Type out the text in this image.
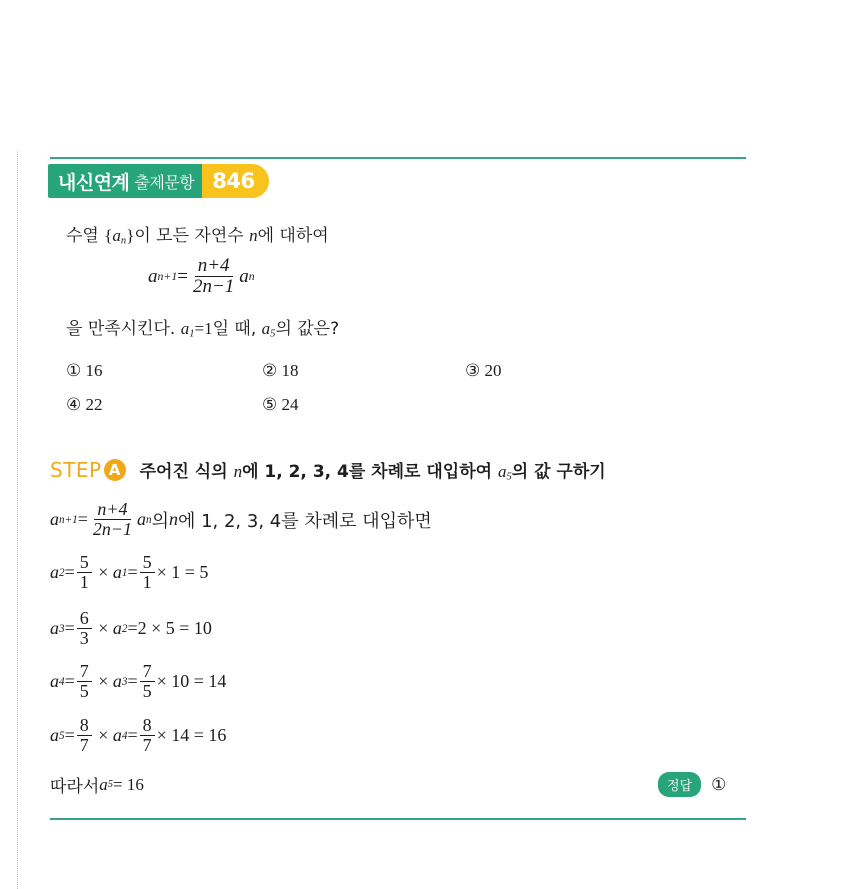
내신연계 출제문항 846
수열 $\{a_n\}$이 모든 자연수 n에 대하여
a $n+1 = \frac{n+4}{2n-1}$ a n
을 만족시킨다. $a_1=1$일 때, $a_5$의 값은?
① 16	② 18	③ 20
④ 22	⑤ 24
STEP A	주어진 식의 n에 1, 2, 3, 4를 차례로 대입하여 $a_5$의 값 구하기
a $n+1 = \frac{n+4}{2n-1}$ a n 의 n 에 1, 2, 3, 4를 차례로 대입하면
a $2 = \frac{5}{1} \times a$ $1 = \frac{5}{1} \times 1 = 5$
a $3 = \frac{6}{3} \times a$ 2 = 2 × 5 = 10
a $4 = \frac{7}{5} \times a$ $3 = \frac{7}{5} \times 10 = 14$
a $5 = \frac{8}{7} \times a$ $4 = \frac{8}{7} \times 14 = 16$
따라서 a 5 = 16	정답	①
